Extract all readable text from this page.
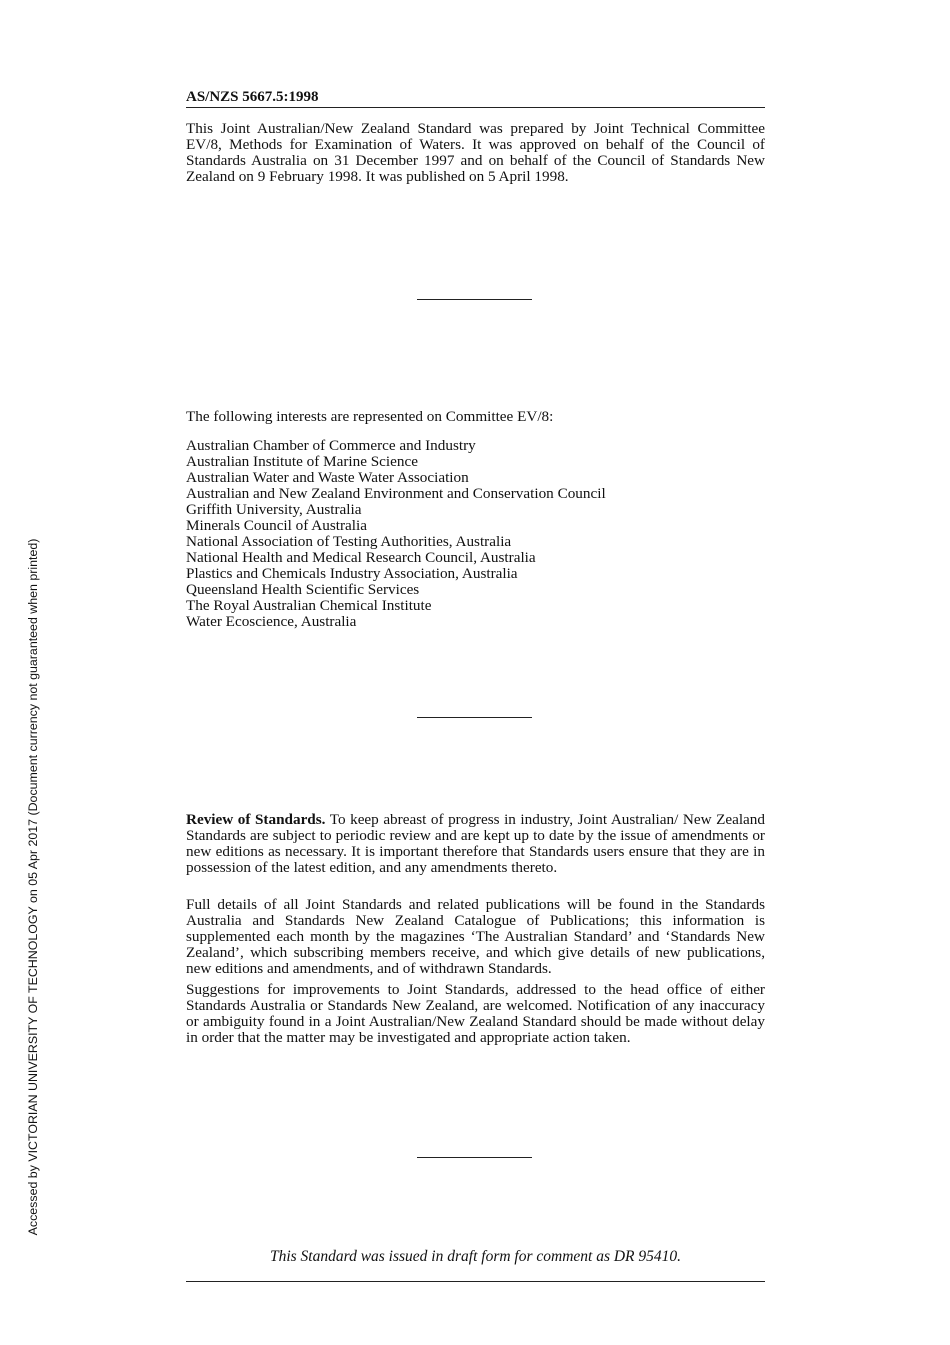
AS/NZS 5667.5:1998

This Joint Australian/New Zealand Standard was prepared by Joint Technical Committee EV/8, Methods for Examination of Waters. It was approved on behalf of the Council of Standards Australia on 31 December 1997 and on behalf of the Council of Standards New Zealand on 9 February 1998. It was published on 5 April 1998.

The following interests are represented on Committee EV/8:

Australian Chamber of Commerce and Industry
Australian Institute of Marine Science
Australian Water and Waste Water Association
Australian and New Zealand Environment and Conservation Council
Griffith University, Australia
Minerals Council of Australia
National Association of Testing Authorities, Australia
National Health and Medical Research Council, Australia
Plastics and Chemicals Industry Association, Australia
Queensland Health Scientific Services
The Royal Australian Chemical Institute
Water Ecoscience, Australia

Review of Standards. To keep abreast of progress in industry, Joint Australian/ New Zealand Standards are subject to periodic review and are kept up to date by the issue of amendments or new editions as necessary. It is important therefore that Standards users ensure that they are in possession of the latest edition, and any amendments thereto.

Full details of all Joint Standards and related publications will be found in the Standards Australia and Standards New Zealand Catalogue of Publications; this information is supplemented each month by the magazines ‘The Australian Standard’ and ‘Standards New Zealand’, which subscribing members receive, and which give details of new publications, new editions and amendments, and of withdrawn Standards.

Suggestions for improvements to Joint Standards, addressed to the head office of either Standards Australia or Standards New Zealand, are welcomed. Notification of any inaccuracy or ambiguity found in a Joint Australian/New Zealand Standard should be made without delay in order that the matter may be investigated and appropriate action taken.

This Standard was issued in draft form for comment as DR 95410.
Accessed by VICTORIAN UNIVERSITY OF TECHNOLOGY on 05 Apr 2017 (Document currency not guaranteed when printed)
